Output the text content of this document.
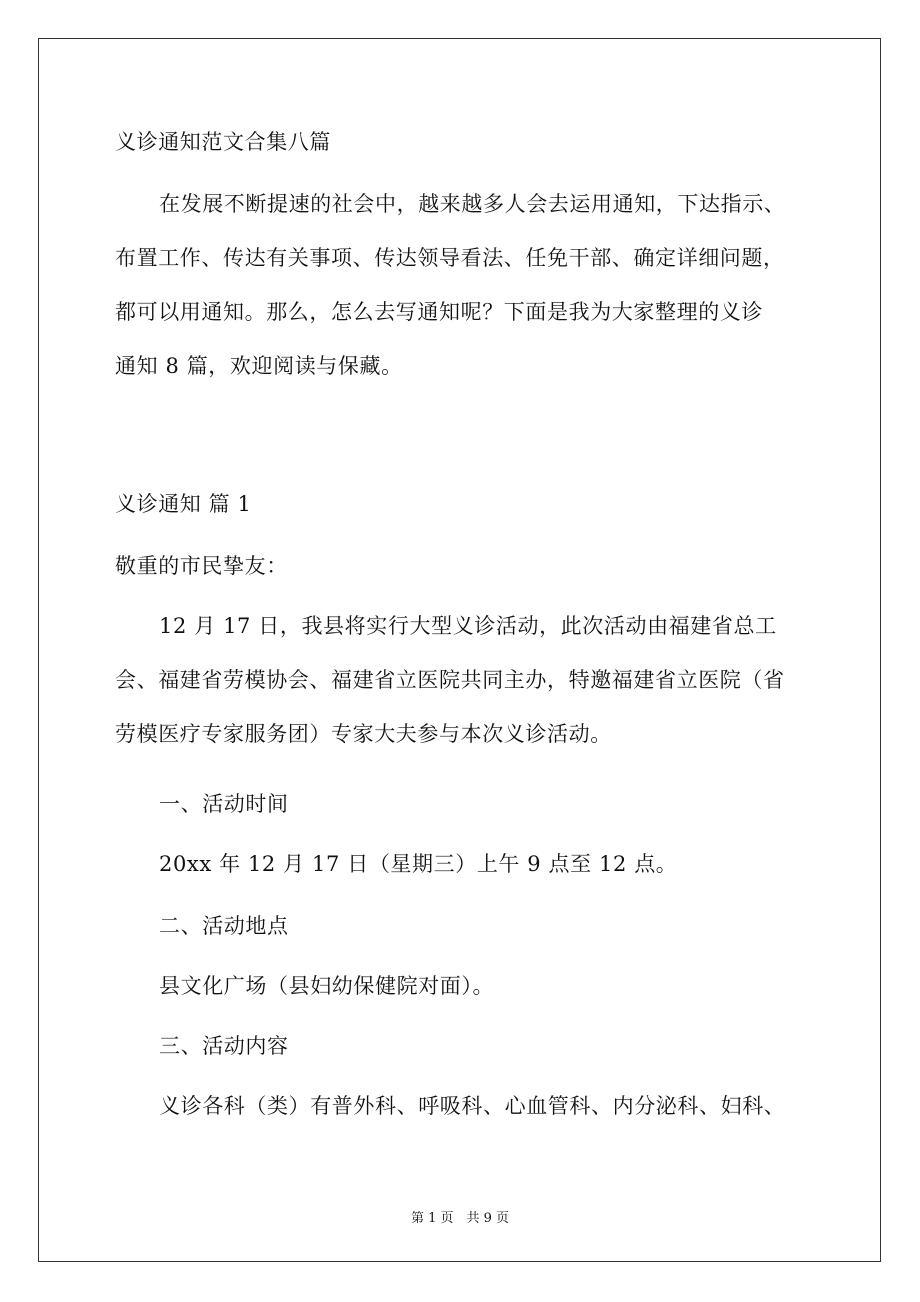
义诊通知范文合集八篇
在发展不断提速的社会中，越来越多人会去运用通知，下达指示、
布置工作、传达有关事项、传达领导看法、任免干部、确定详细问题，
都可以用通知。那么，怎么去写通知呢？下面是我为大家整理的义诊
通知 8 篇，欢迎阅读与保藏。
义诊通知 篇 1
敬重的市民挚友：
12 月 17 日，我县将实行大型义诊活动，此次活动由福建省总工
会、福建省劳模协会、福建省立医院共同主办，特邀福建省立医院（省
劳模医疗专家服务团）专家大夫参与本次义诊活动。
一、活动时间
20xx 年 12 月 17 日（星期三）上午 9 点至 12 点。
二、活动地点
县文化广场（县妇幼保健院对面）。
三、活动内容
义诊各科（类）有普外科、呼吸科、心血管科、内分泌科、妇科、
第 1 页　共 9 页
